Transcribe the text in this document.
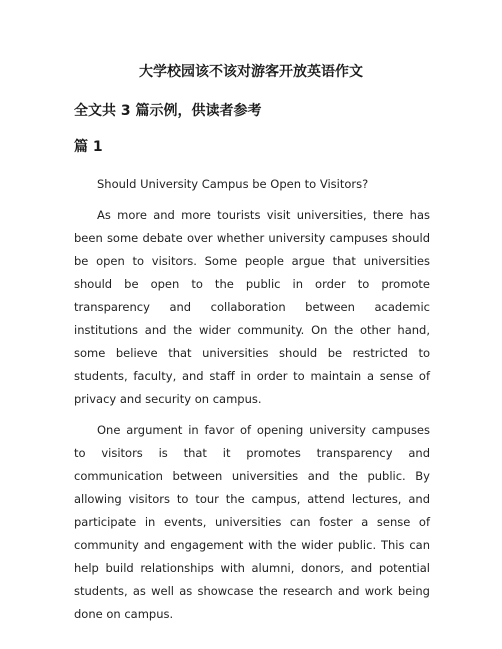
大学校园该不该对游客开放英语作文
全文共 3 篇示例，供读者参考
篇 1

Should University Campus be Open to Visitors?

As more and more tourists visit universities, there has been some debate over whether university campuses should be open to visitors. Some people argue that universities should be open to the public in order to promote transparency and collaboration between academic institutions and the wider community. On the other hand, some believe that universities should be restricted to students, faculty, and staff in order to maintain a sense of privacy and security on campus.

One argument in favor of opening university campuses to visitors is that it promotes transparency and communication between universities and the public. By allowing visitors to tour the campus, attend lectures, and participate in events, universities can foster a sense of community and engagement with the wider public. This can help build relationships with alumni, donors, and potential students, as well as showcase the research and work being done on campus.
